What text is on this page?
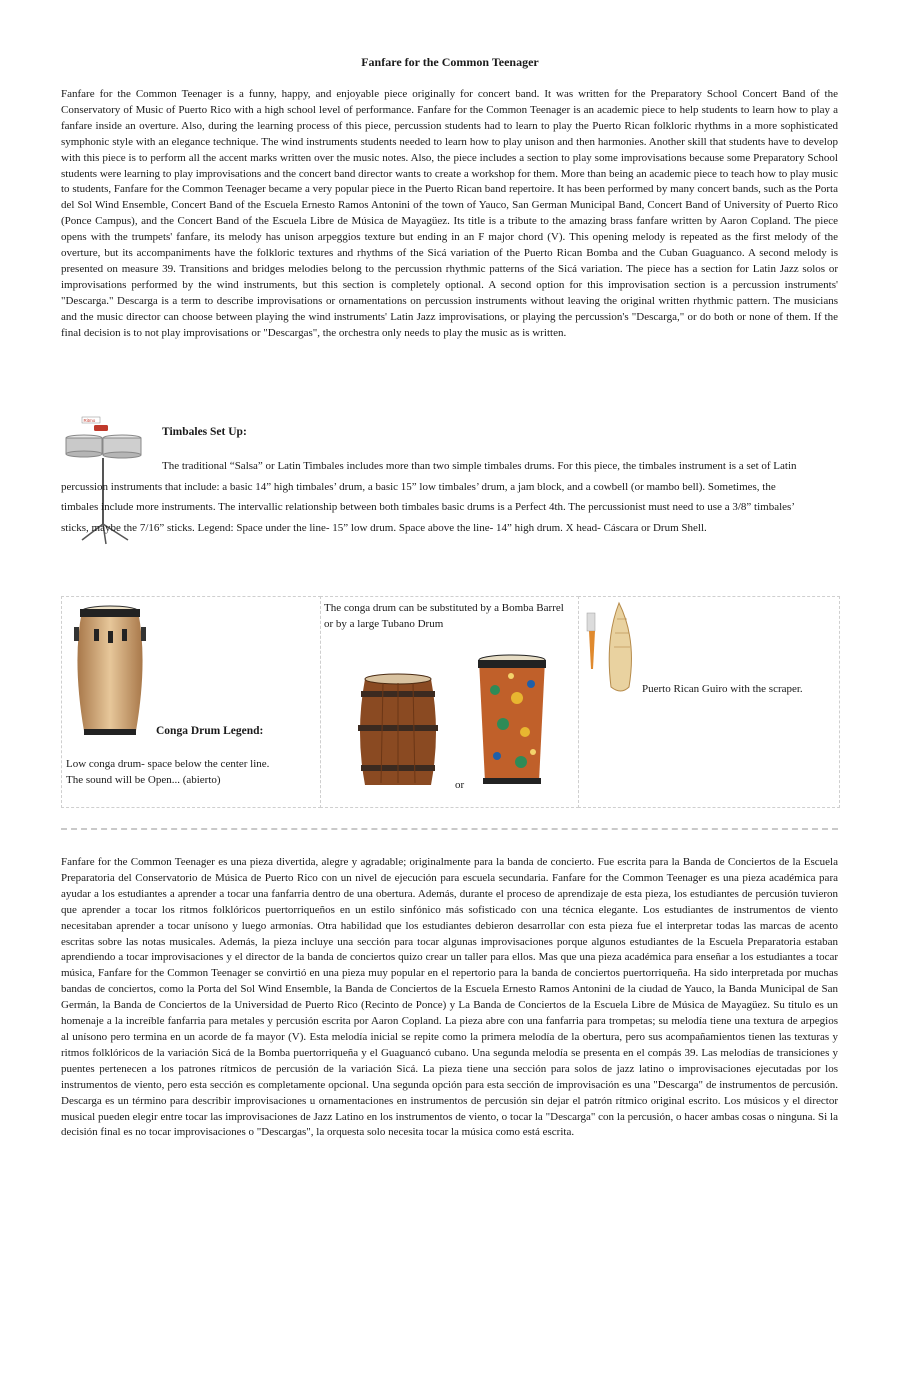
Fanfare for the Common Teenager

Fanfare for the Common Teenager is a funny, happy, and enjoyable piece originally for concert band. It was written for the Preparatory School Concert Band of the Conservatory of Music of Puerto Rico with a high school level of performance. Fanfare for the Common Teenager is an academic piece to help students to learn how to play a fanfare inside an overture. Also, during the learning process of this piece, percussion students had to learn to play the Puerto Rican folkloric rhythms in a more sophisticated symphonic style with an elegance technique. The wind instruments students needed to learn how to play unison and then harmonies. Another skill that students have to develop with this piece is to perform all the accent marks written over the music notes. Also, the piece includes a section to play some improvisations because some Preparatory School students were learning to play improvisations and the concert band director wants to create a workshop for them. More than being an academic piece to teach how to play music to students, Fanfare for the Common Teenager became a very popular piece in the Puerto Rican band repertoire. It has been performed by many concert bands, such as the Porta del Sol Wind Ensemble, Concert Band of the Escuela Ernesto Ramos Antonini of the town of Yauco, San German Municipal Band, Concert Band of University of Puerto Rico (Ponce Campus), and the Concert Band of the Escuela Libre de Música de Mayagüez. Its title is a tribute to the amazing brass fanfare written by Aaron Copland. The piece opens with the trumpets' fanfare, its melody has unison arpeggios texture but ending in an F major chord (V). This opening melody is repeated as the first melody of the overture, but its accompaniments have the folkloric textures and rhythms of the Sicá variation of the Puerto Rican Bomba and the Cuban Guaguanco. A second melody is presented on measure 39. Transitions and bridges melodies belong to the percussion rhythmic patterns of the Sicá variation. The piece has a section for Latin Jazz solos or improvisations performed by the wind instruments, but this section is completely optional. A second option for this improvisation section is a percussion instruments' "Descarga." Descarga is a term to describe improvisations or ornamentations on percussion instruments without leaving the original written rhythmic pattern. The musicians and the music director can choose between playing the wind instruments' Latin Jazz improvisations, or playing the percussion's "Descarga," or do both or none of them. If the final decision is to not play improvisations or "Descargas", the orchestra only needs to play the music as is written.

Ritmo
Timbales Set Up:

The traditional “Salsa” or Latin Timbales includes more than two simple timbales drums. For this piece, the timbales instrument is a set of Latin percussion instruments that include: a basic 14” high timbales’ drum, a basic 15” low timbales’ drum, a jam block, and a cowbell (or mambo bell). Sometimes, the timbales include more instruments. The intervallic relationship between both timbales basic drums is a Perfect 4th. The percussionist must need to use a 3/8” timbales’ sticks, maybe the 7/16” sticks. Legend: Space under the line- 15” low drum. Space above the line- 14” high drum. X head- Cáscara or Drum Shell.

Conga Drum Legend:
Low conga drum- space below the center line.
The sound will be Open... (abierto)
The conga drum can be substituted by a Bomba Barrel or by a large Tubano Drum
or
Puerto Rican Guiro with the scraper.

Fanfare for the Common Teenager es una pieza divertida, alegre y agradable; originalmente para la banda de concierto. Fue escrita para la Banda de Conciertos de la Escuela Preparatoria del Conservatorio de Música de Puerto Rico con un nivel de ejecución para escuela secundaria. Fanfare for the Common Teenager es una pieza académica para ayudar a los estudiantes a aprender a tocar una fanfarria dentro de una obertura. Además, durante el proceso de aprendizaje de esta pieza, los estudiantes de percusión tuvieron que aprender a tocar los ritmos folklóricos puertorriqueños en un estilo sinfónico más sofisticado con una técnica elegante. Los estudiantes de instrumentos de viento necesitaban aprender a tocar unísono y luego armonías. Otra habilidad que los estudiantes debieron desarrollar con esta pieza fue el interpretar todas las marcas de acento escritas sobre las notas musicales. Además, la pieza incluye una sección para tocar algunas improvisaciones porque algunos estudiantes de la Escuela Preparatoria estaban aprendiendo a tocar improvisaciones y el director de la banda de conciertos quizo crear un taller para ellos. Mas que una pieza académica para enseñar a los estudiantes a tocar música, Fanfare for the Common Teenager se convirtió en una pieza muy popular en el repertorio para la banda de conciertos puertorriqueña. Ha sido interpretada por muchas bandas de conciertos, como la Porta del Sol Wind Ensemble, la Banda de Conciertos de la Escuela Ernesto Ramos Antonini de la ciudad de Yauco, la Banda Municipal de San Germán, la Banda de Conciertos de la Universidad de Puerto Rico (Recinto de Ponce) y La Banda de Conciertos de la Escuela Libre de Música de Mayagüez. Su titulo es un homenaje a la increíble fanfarria para metales y percusión escrita por Aaron Copland. La pieza abre con una fanfarria para trompetas; su melodía tiene una textura de arpegios al unísono pero termina en un acorde de fa mayor (V). Esta melodía inicial se repite como la primera melodía de la obertura, pero sus acompañamientos tienen las texturas y ritmos folklóricos de la variación Sicá de la Bomba puertorriqueña y el Guaguancó cubano. Una segunda melodía se presenta en el compás 39. Las melodías de transiciones y puentes pertenecen a los patrones rítmicos de percusión de la variación Sicá. La pieza tiene una sección para solos de jazz latino o improvisaciones ejecutadas por los instrumentos de viento, pero esta sección es completamente opcional. Una segunda opción para esta sección de improvisación es una "Descarga" de instrumentos de percusión. Descarga es un término para describir improvisaciones u ornamentaciones en instrumentos de percusión sin dejar el patrón rítmico original escrito. Los músicos y el director musical pueden elegir entre tocar las improvisaciones de Jazz Latino en los instrumentos de viento, o tocar la "Descarga" con la percusión, o hacer ambas cosas o ninguna. Si la decisión final es no tocar improvisaciones o "Descargas", la orquesta solo necesita tocar la música como está escrita.
